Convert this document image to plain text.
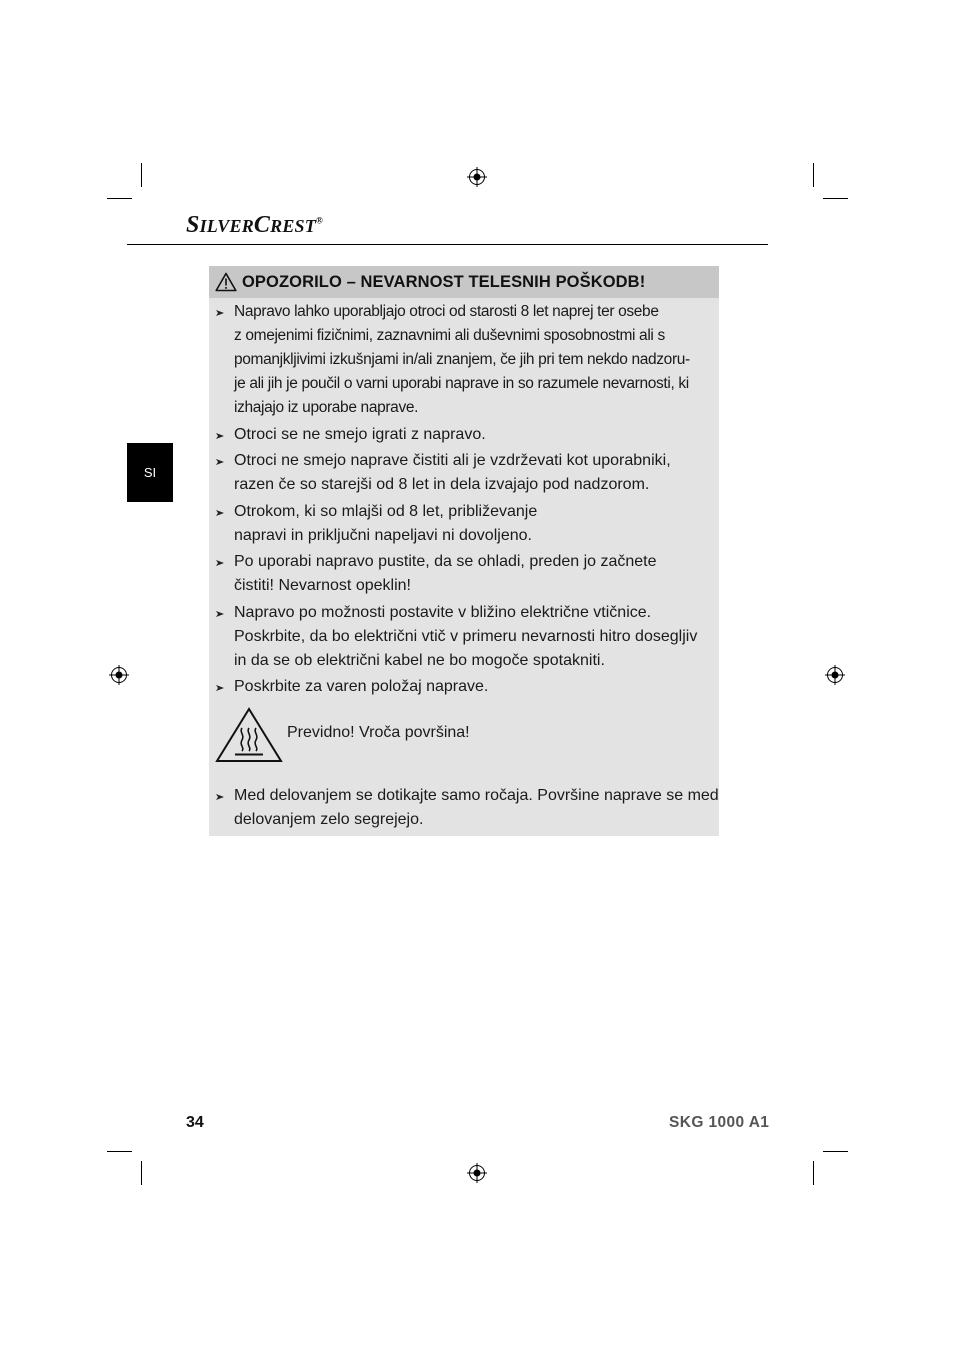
SILVERCREST®
SI
OPOZORILO – NEVARNOST TELESNIH POŠKODB!
Napravo lahko uporabljajo otroci od starosti 8 let naprej ter osebe
z omejenimi fizičnimi, zaznavnimi ali duševnimi sposobnostmi ali s
pomanjkljivimi izkušnjami in/ali znanjem, če jih pri tem nekdo nadzoru-
je ali jih je poučil o varni uporabi naprave in so razumele nevarnosti, ki
izhajajo iz uporabe naprave.
Otroci se ne smejo igrati z napravo.
Otroci ne smejo naprave čistiti ali je vzdrževati kot uporabniki,
razen če so starejši od 8 let in dela izvajajo pod nadzorom.
Otrokom, ki so mlajši od 8 let, približevanje
napravi in priključni napeljavi ni dovoljeno.
Po uporabi napravo pustite, da se ohladi, preden jo začnete
čistiti! Nevarnost opeklin!
Napravo po možnosti postavite v bližino električne vtičnice.
Poskrbite, da bo električni vtič v primeru nevarnosti hitro dosegljiv
in da se ob električni kabel ne bo mogoče spotakniti.
Poskrbite za varen položaj naprave.
Previdno! Vroča površina!
Med delovanjem se dotikajte samo ročaja. Površine naprave se med
delovanjem zelo segrejejo.
34	SKG 1000 A1
